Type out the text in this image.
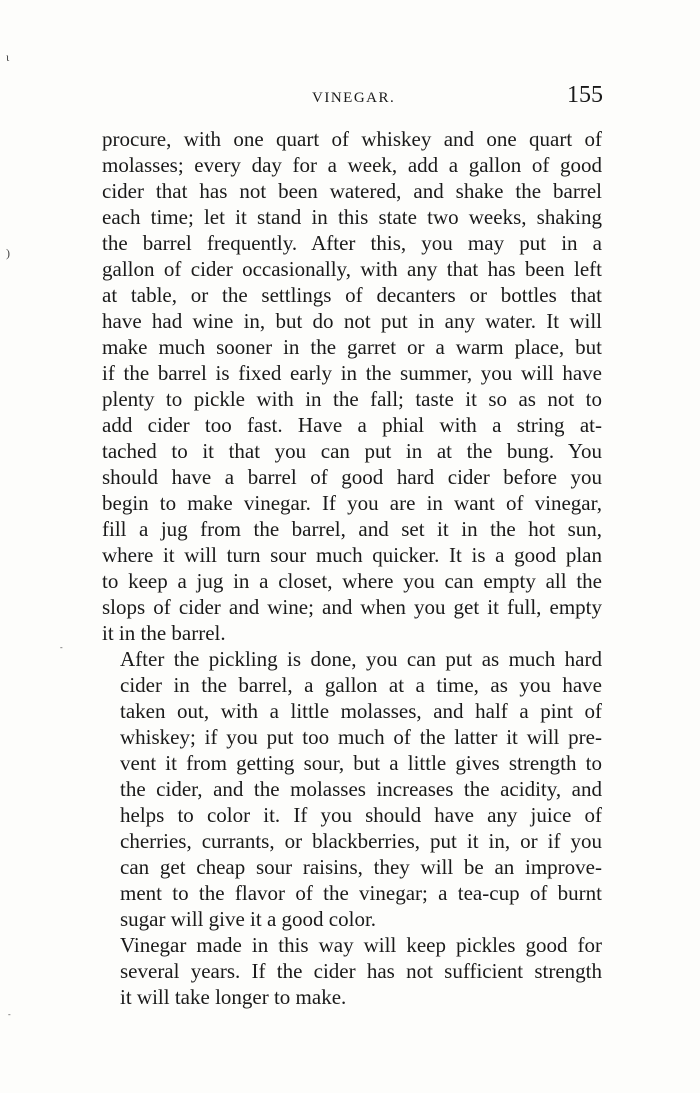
ɩ
)
-
-
VINEGAR.	155

procure, with one quart of whiskey and one quart of
molasses; every day for a week, add a gallon of good
cider that has not been watered, and shake the barrel
each time; let it stand in this state two weeks, shaking
the barrel frequently. After this, you may put in a
gallon of cider occasionally, with any that has been left
at table, or the settlings of decanters or bottles that
have had wine in, but do not put in any water. It will
make much sooner in the garret or a warm place, but
if the barrel is fixed early in the summer, you will have
plenty to pickle with in the fall; taste it so as not to
add cider too fast. Have a phial with a string at-
tached to it that you can put in at the bung. You
should have a barrel of good hard cider before you
begin to make vinegar. If you are in want of vinegar,
fill a jug from the barrel, and set it in the hot sun,
where it will turn sour much quicker. It is a good plan
to keep a jug in a closet, where you can empty all the
slops of cider and wine; and when you get it full, empty
it in the barrel.

After the pickling is done, you can put as much hard
cider in the barrel, a gallon at a time, as you have
taken out, with a little molasses, and half a pint of
whiskey; if you put too much of the latter it will pre-
vent it from getting sour, but a little gives strength to
the cider, and the molasses increases the acidity, and
helps to color it. If you should have any juice of
cherries, currants, or blackberries, put it in, or if you
can get cheap sour raisins, they will be an improve-
ment to the flavor of the vinegar; a tea-cup of burnt
sugar will give it a good color.

Vinegar made in this way will keep pickles good for
several years. If the cider has not sufficient strength
it will take longer to make.
